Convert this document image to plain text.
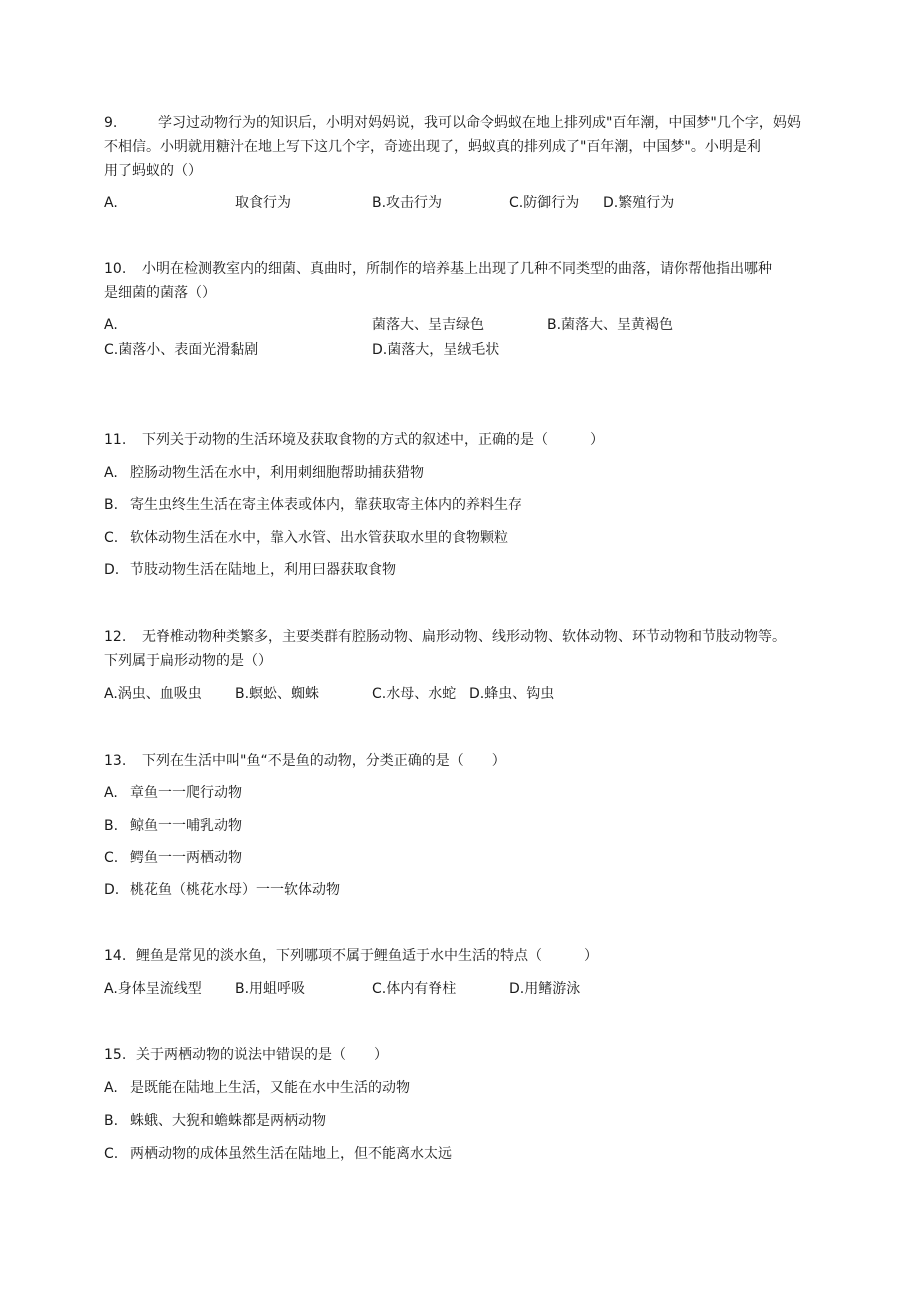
9.	学习过动物行为的知识后，小明对妈妈说，我可以命令蚂蚁在地上排列成"百年潮，中国梦"几个字，妈妈
不相信。小明就用糖汁在地上写下这几个字，奇迹出现了，蚂蚁真的排列成了"百年潮，中国梦"。小明是利
用了蚂蚁的（）
A.	取食行为	B.攻击行为	C.防御行为 D.繁殖行为
10. 小明在检测教室内的细菌、真曲时，所制作的培养基上出现了几种不同类型的曲落，请你帮他指出哪种
是细菌的菌落（）
A.	菌落大、呈吉绿色	B.菌落大、呈黄褐色
C.菌落小、表面光滑黏剧	D.菌落大，呈绒毛状
11. 下列关于动物的生活环境及获取食物的方式的叙述中，正确的是（　　　）
A. 腔肠动物生活在水中，利用刺细胞帮助捕获猎物
B. 寄生虫终生生活在寄主体表或体内，靠获取寄主体内的养料生存
C. 软体动物生活在水中，靠入水管、出水管获取水里的食物颗粒
D. 节肢动物生活在陆地上，利用曰器获取食物
12. 无脊椎动物种类繁多，主要类群有腔肠动物、扁形动物、线形动物、软体动物、环节动物和节肢动物等。
下列属于扁形动物的是（）
A.涡虫、血吸虫 B.螟蚣、蜘蛛	C.水母、水蛇 D.蜂虫、钩虫
13. 下列在生活中叫"鱼“不是鱼的动物，分类正确的是（　　）
A. 章鱼一一爬行动物
B. 鲸鱼一一哺乳动物
C. 鳄鱼一一两栖动物
D. 桃花鱼（桃花水母）一一软体动物
14. 鲤鱼是常见的淡水鱼，下列哪项不属于鲤鱼适于水中生活的特点（　　　）
A.身体呈流线型 B.用蛆呼吸	C.体内有脊柱	D.用鳍游泳
15. 关于两栖动物的说法中错误的是（　　）
A. 是既能在陆地上生活，又能在水中生活的动物
B. 蛛蛾、大猊和蟾蛛都是两柄动物
C. 两栖动物的成体虽然生活在陆地上，但不能离水太远
